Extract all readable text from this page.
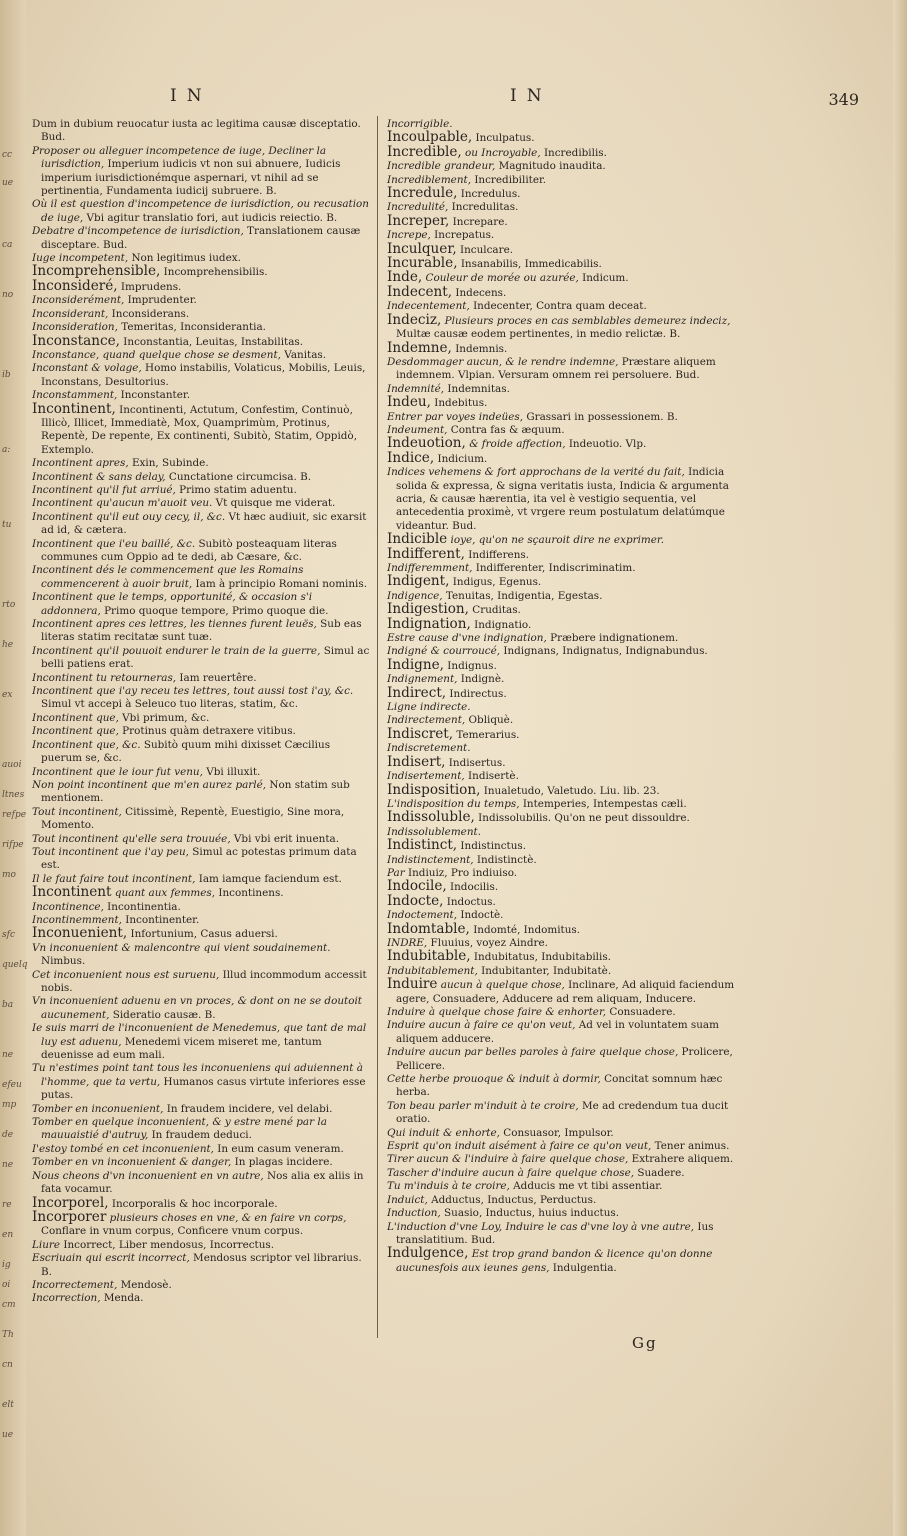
cc
ue
ca
no
ib
a:
tu
rto
he
ex
auoi
ltnes
refpe
rifpe
mo
sfc
quelq
ba
ne
efeu
mp
de
ne
re
en
ig
oi
cm
Th
cn
elt
ue
IN	IN	349

Dum in dubium reuocatur iusta ac legitima causæ disceptatio. Bud.

Proposer ou alleguer incompetence de iuge, Decliner la iurisdiction, Imperium iudicis vt non sui abnuere, Iudicis imperium iurisdictionémque aspernari, vt nihil ad se pertinentia, Fundamenta iudicij subruere. B.

Où il est question d'incompetence de iurisdiction, ou recusation de iuge, Vbi agitur translatio fori, aut iudicis reiectio. B.

Debatre d'incompetence de iurisdiction, Translationem causæ disceptare. Bud.

Iuge incompetent, Non legitimus iudex.

Incomprehensible, Incomprehensibilis.

Inconsideré, Imprudens.

Inconsiderément, Imprudenter.

Inconsiderant, Inconsiderans.

Inconsideration, Temeritas, Inconsiderantia.

Inconstance, Inconstantia, Leuitas, Instabilitas.

Inconstance, quand quelque chose se desment, Vanitas.

Inconstant & volage, Homo instabilis, Volaticus, Mobilis, Leuis, Inconstans, Desultorius.

Inconstamment, Inconstanter.

Incontinent, Incontinenti, Actutum, Confestim, Continuò, Illicò, Illicet, Immediatè, Mox, Quamprimùm, Protinus, Repentè, De repente, Ex continenti, Subitò, Statim, Oppidò, Extemplo.

Incontinent apres, Exin, Subinde.

Incontinent & sans delay, Cunctatione circumcisa. B.

Incontinent qu'il fut arriué, Primo statim aduentu.

Incontinent qu'aucun m'auoit veu. Vt quisque me viderat.

Incontinent qu'il eut ouy cecy, il, &c. Vt hæc audiuit, sic exarsit ad id, & cætera.

Incontinent que i'eu baillé, &c. Subitò posteaquam literas communes cum Oppio ad te dedi, ab Cæsare, &c.

Incontinent dés le commencement que les Romains commencerent à auoir bruit, Iam à principio Romani nominis.

Incontinent que le temps, opportunité, & occasion s'i addonnera, Primo quoque tempore, Primo quoque die.

Incontinent apres ces lettres, les tiennes furent leuës, Sub eas literas statim recitatæ sunt tuæ.

Incontinent qu'il pouuoit endurer le train de la guerre, Simul ac belli patiens erat.

Incontinent tu retourneras, Iam reuertêre.

Incontinent que i'ay receu tes lettres, tout aussi tost i'ay, &c. Simul vt accepi à Seleuco tuo literas, statim, &c.

Incontinent que, Vbi primum, &c.

Incontinent que, Protinus quàm detraxere vitibus.

Incontinent que, &c. Subitò quum mihi dixisset Cæcilius puerum se, &c.

Incontinent que le iour fut venu, Vbi illuxit.

Non point incontinent que m'en aurez parlé, Non statim sub mentionem.

Tout incontinent, Citissimè, Repentè, Euestigio, Sine mora, Momento.

Tout incontinent qu'elle sera trouuée, Vbi vbi erit inuenta.

Tout incontinent que i'ay peu, Simul ac potestas primum data est.

Il le faut faire tout incontinent, Iam iamque faciendum est.

Incontinent quant aux femmes, Incontinens.

Incontinence, Incontinentia.

Incontinemment, Incontinenter.

Inconuenient, Infortunium, Casus aduersi.

Vn inconuenient & malencontre qui vient soudainement. Nimbus.

Cet inconuenient nous est suruenu, Illud incommodum accessit nobis.

Vn inconuenient aduenu en vn proces, & dont on ne se doutoit aucunement, Sideratio causæ. B.

Ie suis marri de l'inconuenient de Menedemus, que tant de mal luy est aduenu, Menedemi vicem miseret me, tantum deuenisse ad eum mali.

Tu n'estimes point tant tous les inconueniens qui aduiennent à l'homme, que ta vertu, Humanos casus virtute inferiores esse putas.

Tomber en inconuenient, In fraudem incidere, vel delabi.

Tomber en quelque inconuenient, & y estre mené par la mauuaistié d'autruy, In fraudem deduci.

I'estoy tombé en cet inconuenient, In eum casum veneram.

Tomber en vn inconuenient & danger, In plagas incidere.

Nous cheons d'vn inconuenient en vn autre, Nos alia ex aliis in fata vocamur.

Incorporel, Incorporalis & hoc incorporale.

Incorporer plusieurs choses en vne, & en faire vn corps, Conflare in vnum corpus, Conficere vnum corpus.

Liure Incorrect, Liber mendosus, Incorrectus.

Escriuain qui escrit incorrect, Mendosus scriptor vel librarius. B.

Incorrectement, Mendosè.

Incorrection, Menda.

Incorrigible.

Incoulpable, Inculpatus.

Incredible, ou Incroyable, Incredibilis.

Incredible grandeur, Magnitudo inaudita.

Incrediblement, Incredibiliter.

Incredule, Incredulus.

Incredulité, Incredulitas.

Increper, Increpare.

Increpe, Increpatus.

Inculquer, Inculcare.

Incurable, Insanabilis, Immedicabilis.

Inde, Couleur de morée ou azurée, Indicum.

Indecent, Indecens.

Indecentement, Indecenter, Contra quam deceat.

Indeciz, Plusieurs proces en cas semblables demeurez indeciz, Multæ causæ eodem pertinentes, in medio relictæ. B.

Indemne, Indemnis.

Desdommager aucun, & le rendre indemne, Præstare aliquem indemnem. Vlpian. Versuram omnem rei persoluere. Bud.

Indemnité, Indemnitas.

Indeu, Indebitus.

Entrer par voyes indeües, Grassari in possessionem. B.

Indeument, Contra fas & æquum.

Indeuotion, & froide affection, Indeuotio. Vlp.

Indice, Indicium.

Indices vehemens & fort approchans de la verité du fait, Indicia solida & expressa, & signa veritatis iusta, Indicia & argumenta acria, & causæ hærentia, ita vel è vestigio sequentia, vel antecedentia proximè, vt vrgere reum postulatum delatúmque videantur. Bud.

Indicible ioye, qu'on ne sçauroit dire ne exprimer.

Indifferent, Indifferens.

Indifferemment, Indifferenter, Indiscriminatim.

Indigent, Indigus, Egenus.

Indigence, Tenuitas, Indigentia, Egestas.

Indigestion, Cruditas.

Indignation, Indignatio.

Estre cause d'vne indignation, Præbere indignationem.

Indigné & courroucé, Indignans, Indignatus, Indignabundus.

Indigne, Indignus.

Indignement, Indignè.

Indirect, Indirectus.

Ligne indirecte.

Indirectement, Obliquè.

Indiscret, Temerarius.

Indiscretement.

Indisert, Indisertus.

Indisertement, Indisertè.

Indisposition, Inualetudo, Valetudo. Liu. lib. 23.

L'indisposition du temps, Intemperies, Intempestas cæli.

Indissoluble, Indissolubilis. Qu'on ne peut dissouldre.

Indissolublement.

Indistinct, Indistinctus.

Indistinctement, Indistinctè.

Par Indiuiz, Pro indiuiso.

Indocile, Indocilis.

Indocte, Indoctus.

Indoctement, Indoctè.

Indomtable, Indomté, Indomitus.

INDRE, Fluuius, voyez Aindre.

Indubitable, Indubitatus, Indubitabilis.

Indubitablement, Indubitanter, Indubitatè.

Induire aucun à quelque chose, Inclinare, Ad aliquid faciendum agere, Consuadere, Adducere ad rem aliquam, Inducere.

Induire à quelque chose faire & enhorter, Consuadere.

Induire aucun à faire ce qu'on veut, Ad vel in voluntatem suam aliquem adducere.

Induire aucun par belles paroles à faire quelque chose, Prolicere, Pellicere.

Cette herbe prouoque & induit à dormir, Concitat somnum hæc herba.

Ton beau parler m'induit à te croire, Me ad credendum tua ducit oratio.

Qui induit & enhorte, Consuasor, Impulsor.

Esprit qu'on induit aisément à faire ce qu'on veut, Tener animus.

Tirer aucun & l'induire à faire quelque chose, Extrahere aliquem.

Tascher d'induire aucun à faire quelque chose, Suadere.

Tu m'induis à te croire, Adducis me vt tibi assentiar.

Induict, Adductus, Inductus, Perductus.

Induction, Suasio, Inductus, huius inductus.

L'induction d'vne Loy, Induire le cas d'vne loy à vne autre, Ius translatitium. Bud.

Indulgence, Est trop grand bandon & licence qu'on donne aucunesfois aux ieunes gens, Indulgentia.

Gg
